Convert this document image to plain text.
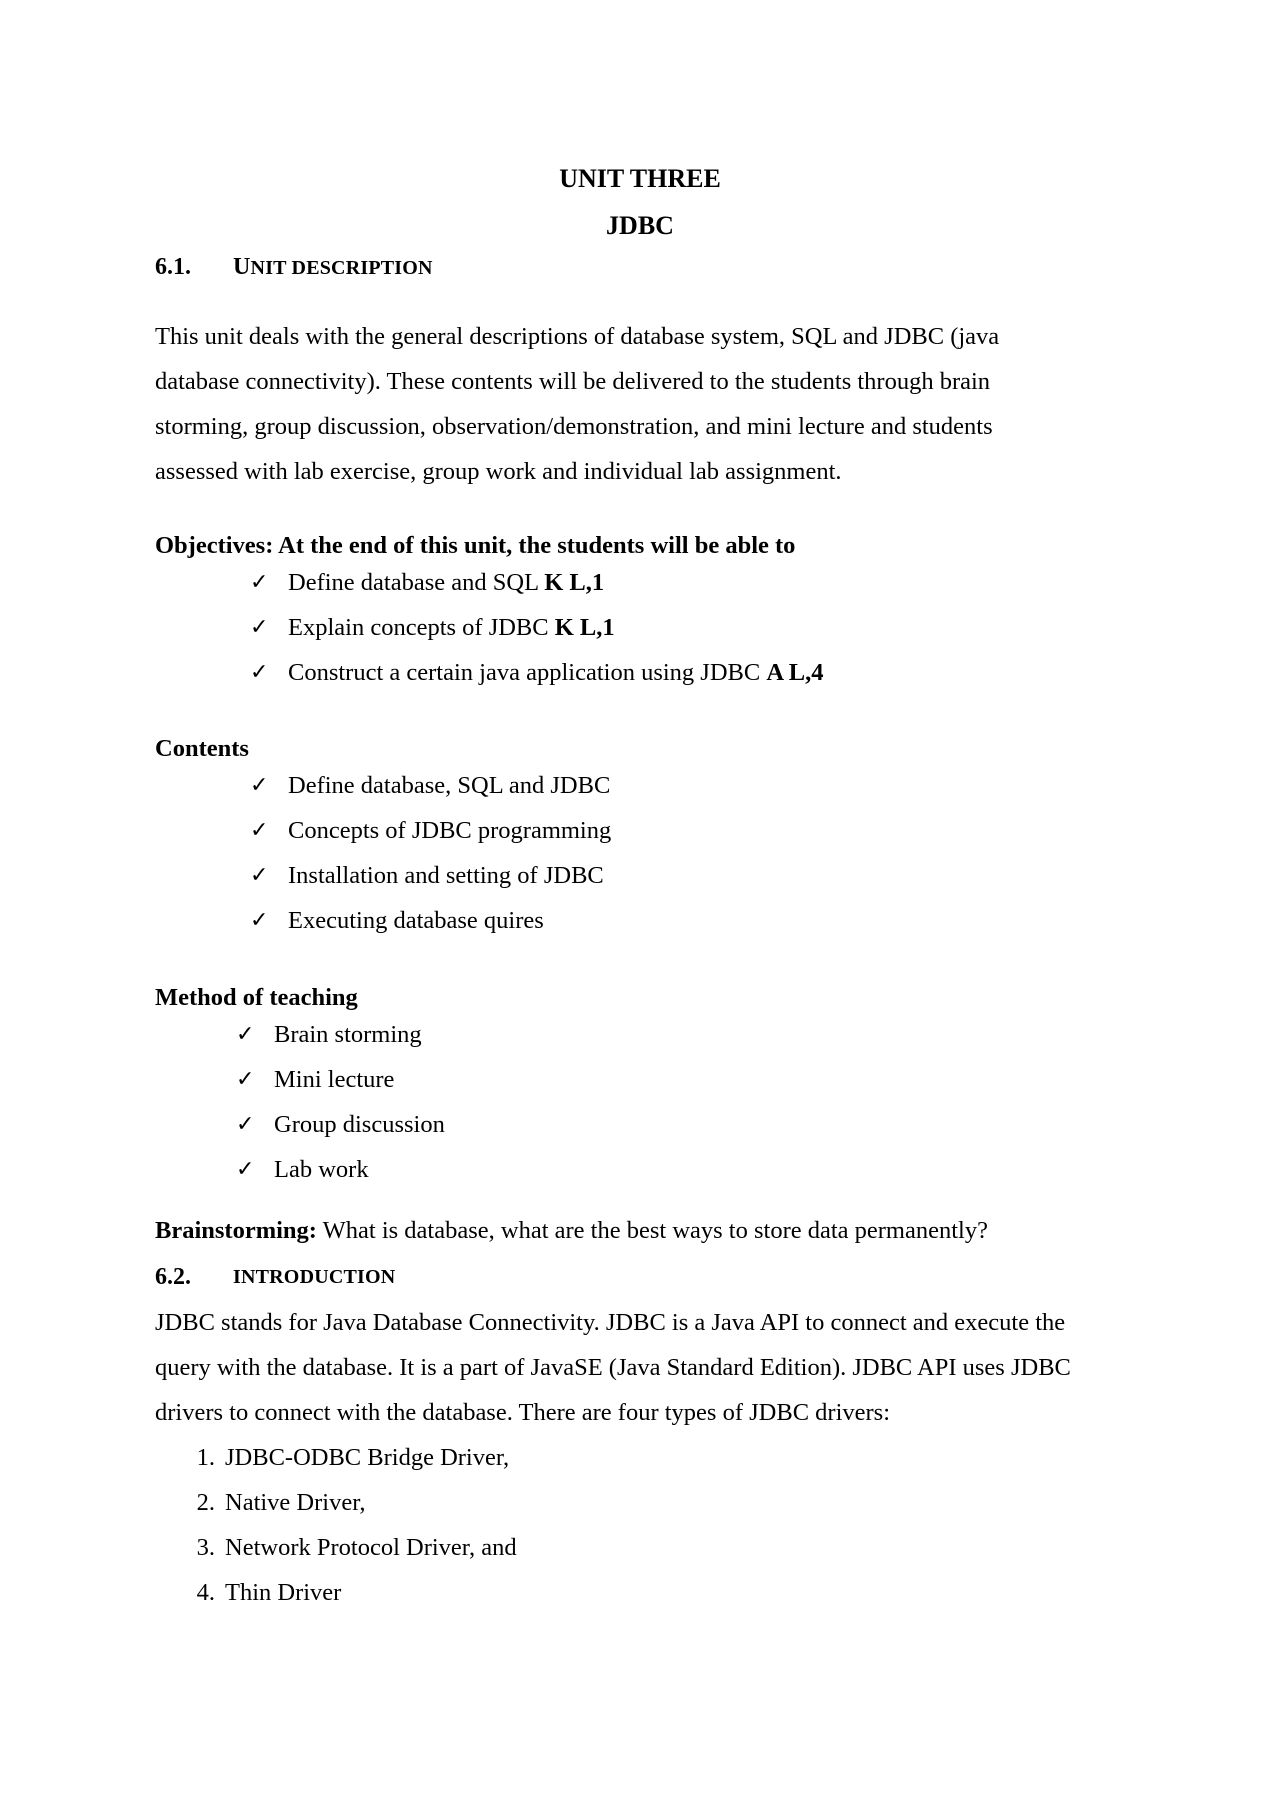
UNIT THREE
JDBC
6.1. UNIT DESCRIPTION
This unit deals with the general descriptions of database system, SQL and JDBC (java
database connectivity). These contents will be delivered to the students through brain
storming, group discussion, observation/demonstration, and mini lecture and students
assessed with lab exercise, group work and individual lab assignment.
Objectives: At the end of this unit, the students will be able to
✓ Define database and SQL K L,1
✓ Explain concepts of JDBC K L,1
✓ Construct a certain java application using JDBC A L,4
Contents
✓ Define database, SQL and JDBC
✓ Concepts of JDBC programming
✓ Installation and setting of JDBC
✓ Executing database quires
Method of teaching
✓ Brain storming
✓ Mini lecture
✓ Group discussion
✓ Lab work
Brainstorming: What is database, what are the best ways to store data permanently?
6.2. INTRODUCTION
JDBC stands for Java Database Connectivity. JDBC is a Java API to connect and execute the
query with the database. It is a part of JavaSE (Java Standard Edition). JDBC API uses JDBC
drivers to connect with the database. There are four types of JDBC drivers:
1. JDBC-ODBC Bridge Driver,
2. Native Driver,
3. Network Protocol Driver, and
4. Thin Driver
